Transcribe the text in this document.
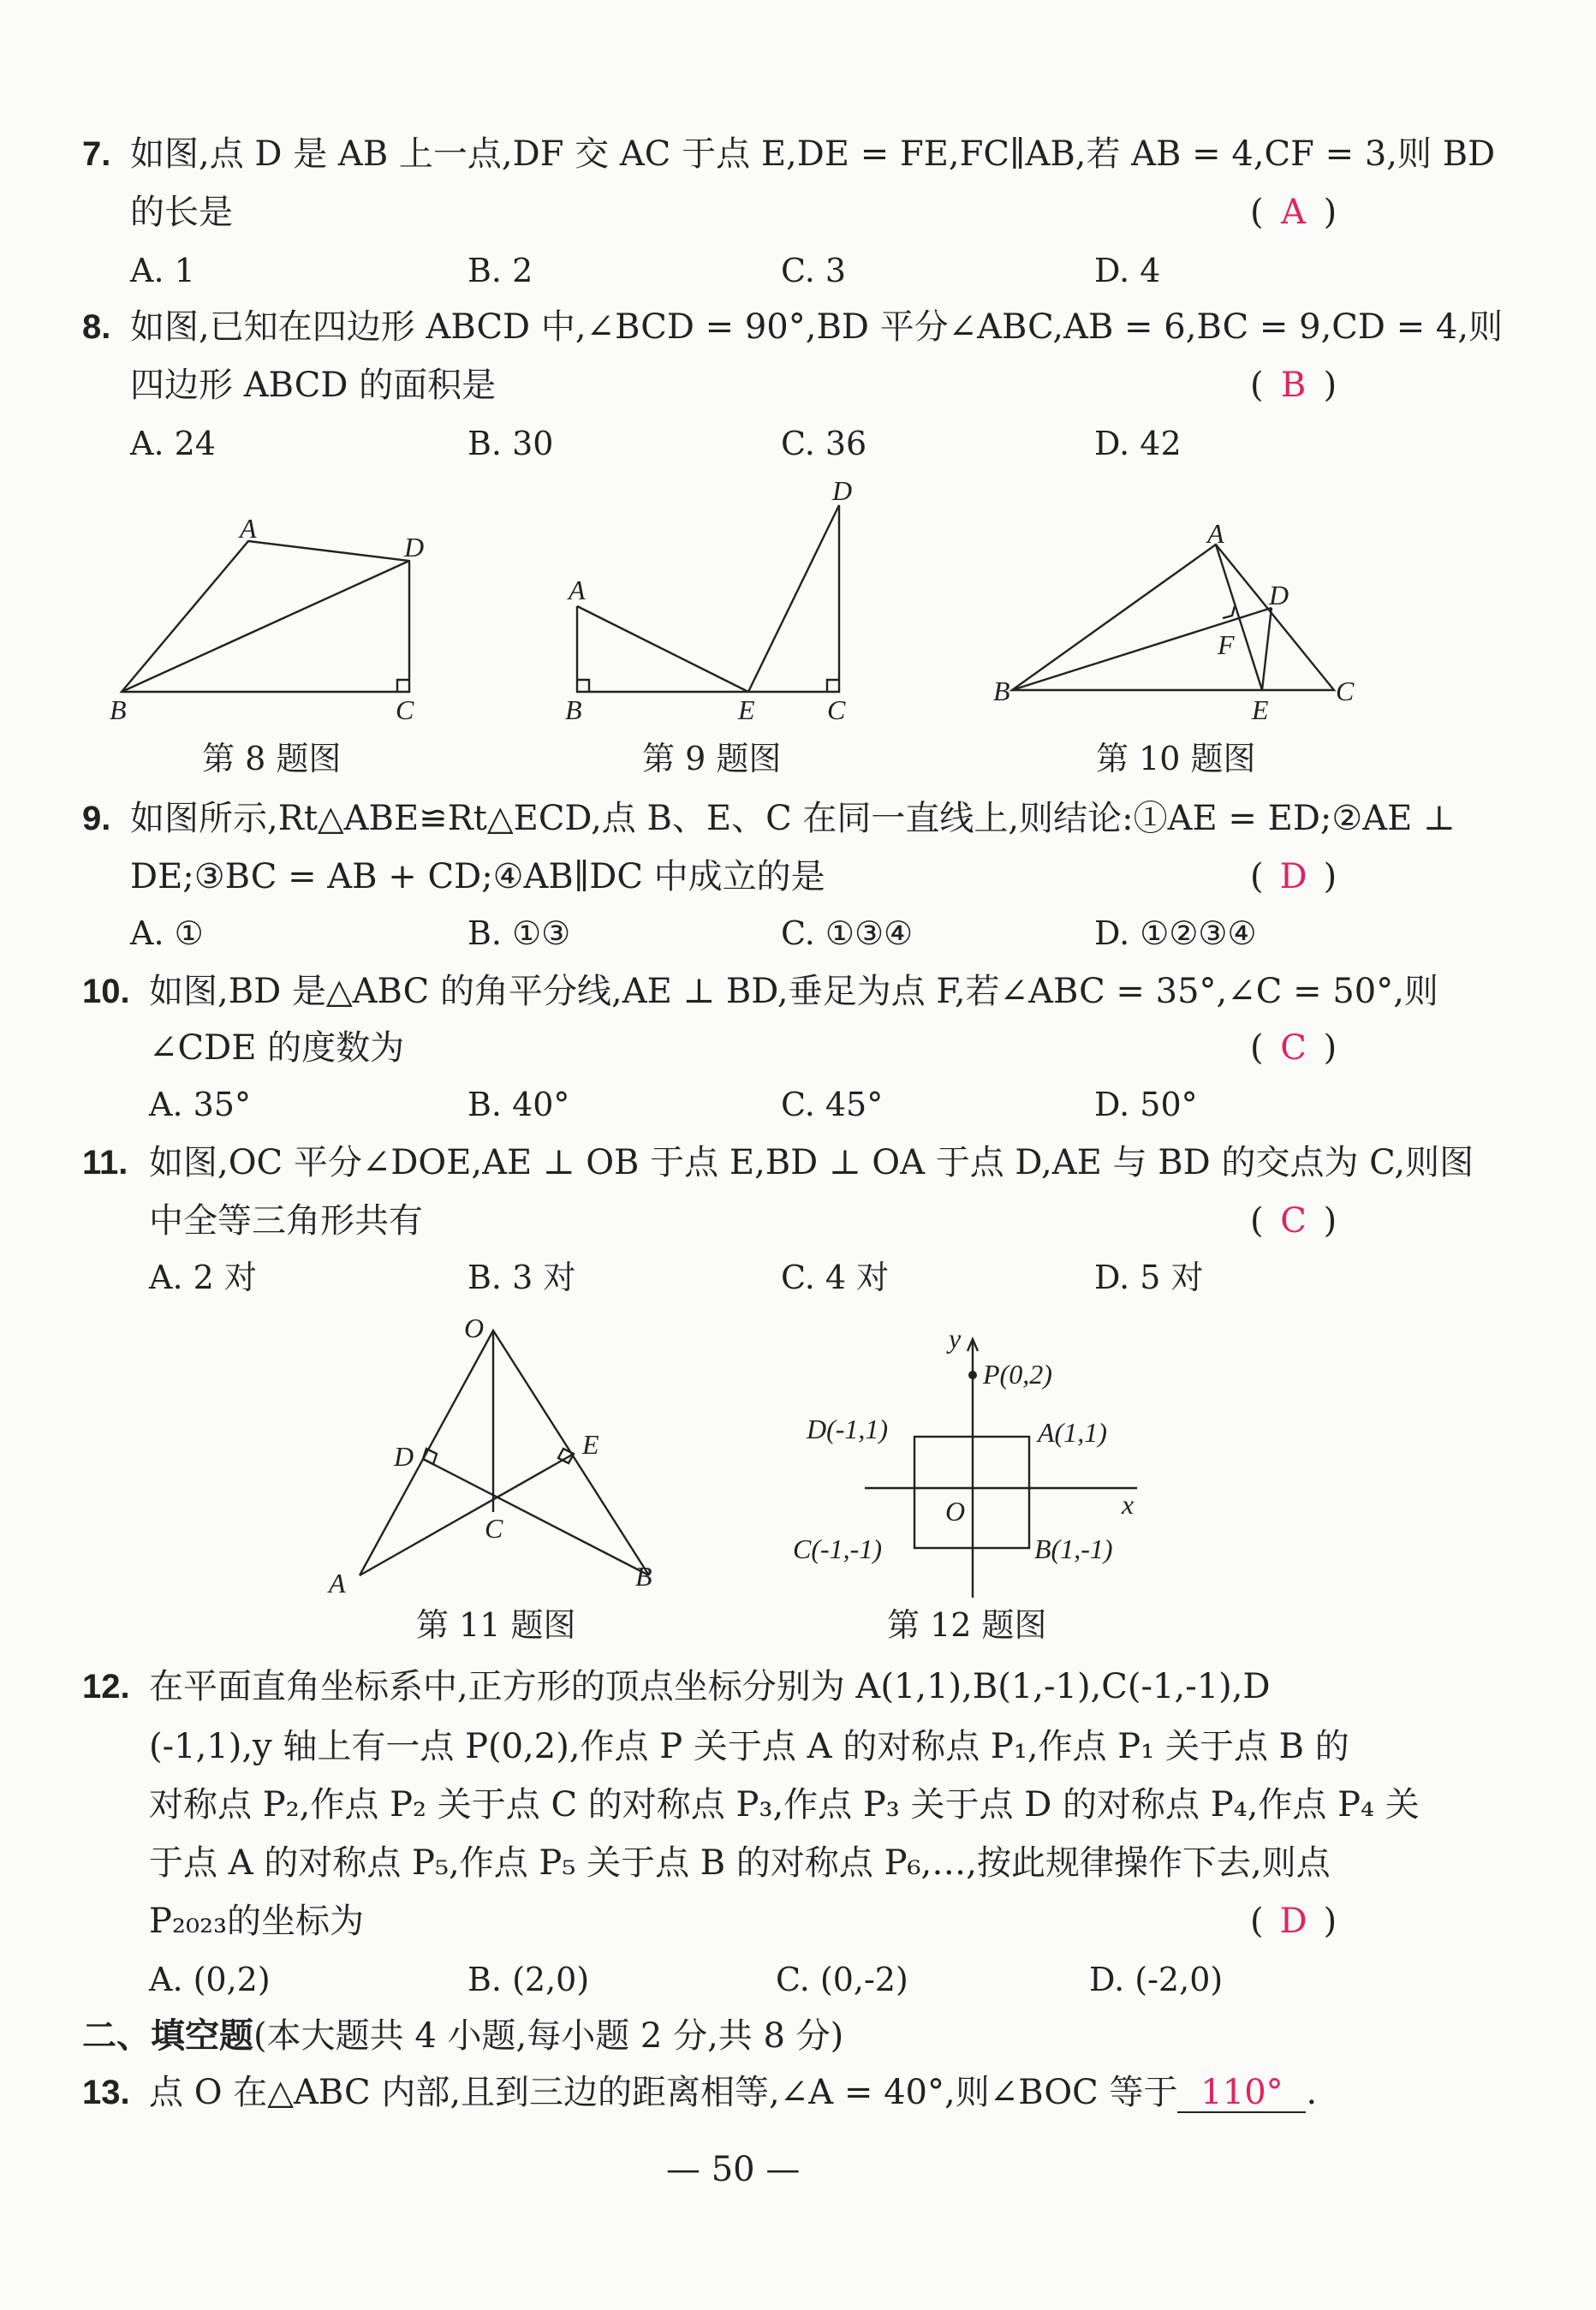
7. 如图,点 D 是 AB 上一点,DF 交 AC 于点 E,DE = FE,FC∥AB,若 AB = 4,CF = 3,则 BD
的长是	( A )
A. 1	B. 2	C. 3	D. 4
8. 如图,已知在四边形 ABCD 中,∠BCD = 90°,BD 平分∠ABC,AB = 6,BC = 9,CD = 4,则
四边形 ABCD 的面积是	( B )
A. 24	B. 30	C. 36	D. 42
A
D
B	C
第 8 题图
A
B	E	C
D
第 9 题图
A
D
F
B
E
C
第 10 题图
9. 如图所示,Rt△ABE≌Rt△ECD,点 B、E、C 在同一直线上,则结论:①AE = ED;②AE ⊥
DE;③BC = AB + CD;④AB∥DC 中成立的是	( D )
A. ①	B. ①③	C. ①③④	D. ①②③④
10. 如图,BD 是△ABC 的角平分线,AE ⊥ BD,垂足为点 F,若∠ABC = 35°,∠C = 50°,则
∠CDE 的度数为	( C )
A. 35°	B. 40°	C. 45°	D. 50°
11. 如图,OC 平分∠DOE,AE ⊥ OB 于点 E,BD ⊥ OA 于点 D,AE 与 BD 的交点为 C,则图
中全等三角形共有	( C )
A. 2 对	B. 3 对	C. 4 对	D. 5 对
O
D	E
C
A	B
第 11 题图
y
P(0,2)
D(-1,1)	A(1,1)
O	x
C(-1,-1)	B(1,-1)
第 12 题图
12. 在平面直角坐标系中,正方形的顶点坐标分别为 A(1,1),B(1,-1),C(-1,-1),D
(-1,1),y 轴上有一点 P(0,2),作点 P 关于点 A 的对称点 P₁,作点 P₁ 关于点 B 的
对称点 P₂,作点 P₂ 关于点 C 的对称点 P₃,作点 P₃ 关于点 D 的对称点 P₄,作点 P₄ 关
于点 A 的对称点 P₅,作点 P₅ 关于点 B 的对称点 P₆,…,按此规律操作下去,则点
P₂₀₂₃的坐标为	( D )
A. (0,2)	B. (2,0)	C. (0,-2)	D. (-2,0)
二、填空题(本大题共 4 小题,每小题 2 分,共 8 分)
13. 点 O 在△ABC 内部,且到三边的距离相等,∠A = 40°,则∠BOC 等于 110° .
— 50 —
